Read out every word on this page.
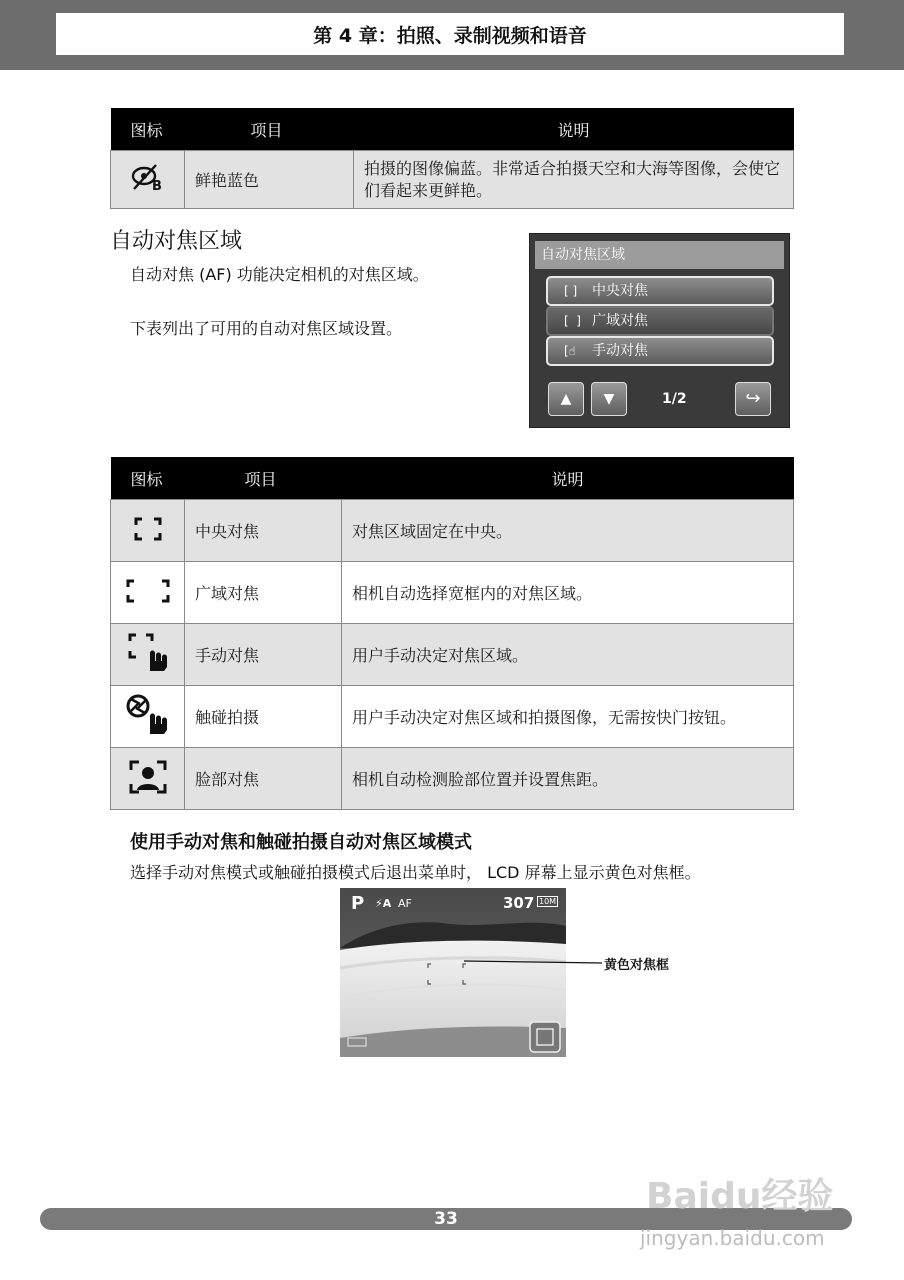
第 4 章：拍照、录制视频和语音
图标	项目	说明

B	鲜艳蓝色	拍摄的图像偏蓝。非常适合拍摄天空和大海等图像，会使它们看起来更鲜艳。
自动对焦区域
自动对焦 (AF) 功能决定相机的对焦区域。
下表列出了可用的自动对焦区域设置。
自动对焦区域
[ ] 中央对焦
[  ] 广域对焦
[☝ 手动对焦
▲	▼	1/2	↪
图标	项目	说明
	中央对焦	对焦区域固定在中央。
	广域对焦	相机自动选择宽框内的对焦区域。
	手动对焦	用户手动决定对焦区域。
	触碰拍摄	用户手动决定对焦区域和拍摄图像，无需按快门按钮。
	脸部对焦	相机自动检测脸部位置并设置焦距。
使用手动对焦和触碰拍摄自动对焦区域模式
选择手动对焦模式或触碰拍摄模式后退出菜单时， LCD 屏幕上显示黄色对焦框。
P ⚡A AF	307 10M
黄色对焦框
33
Baidu经验
jingyan.baidu.com
